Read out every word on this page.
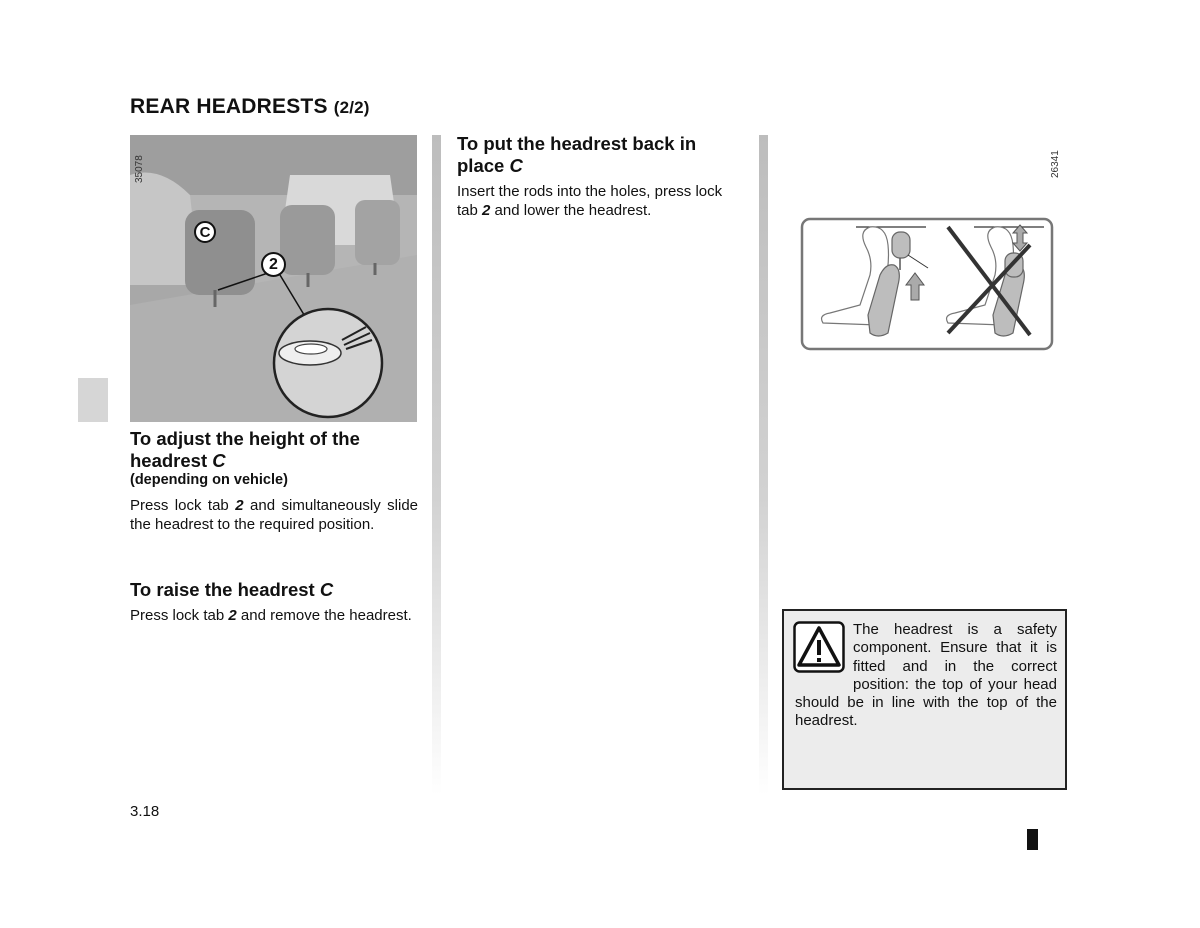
REAR HEADRESTS (2/2)
35078
C
2
To adjust the height of the headrest C
(depending on vehicle)
Press lock tab 2 and simultaneously slide the headrest to the required position.
To raise the headrest C
Press lock tab 2 and remove the headrest.
To put the headrest back in place C
Insert the rods into the holes, press lock tab 2 and lower the headrest.
26341
The headrest is a safety component. Ensure that it is fitted and in the correct position: the top of your head should be in line with the top of the headrest.
3.18
